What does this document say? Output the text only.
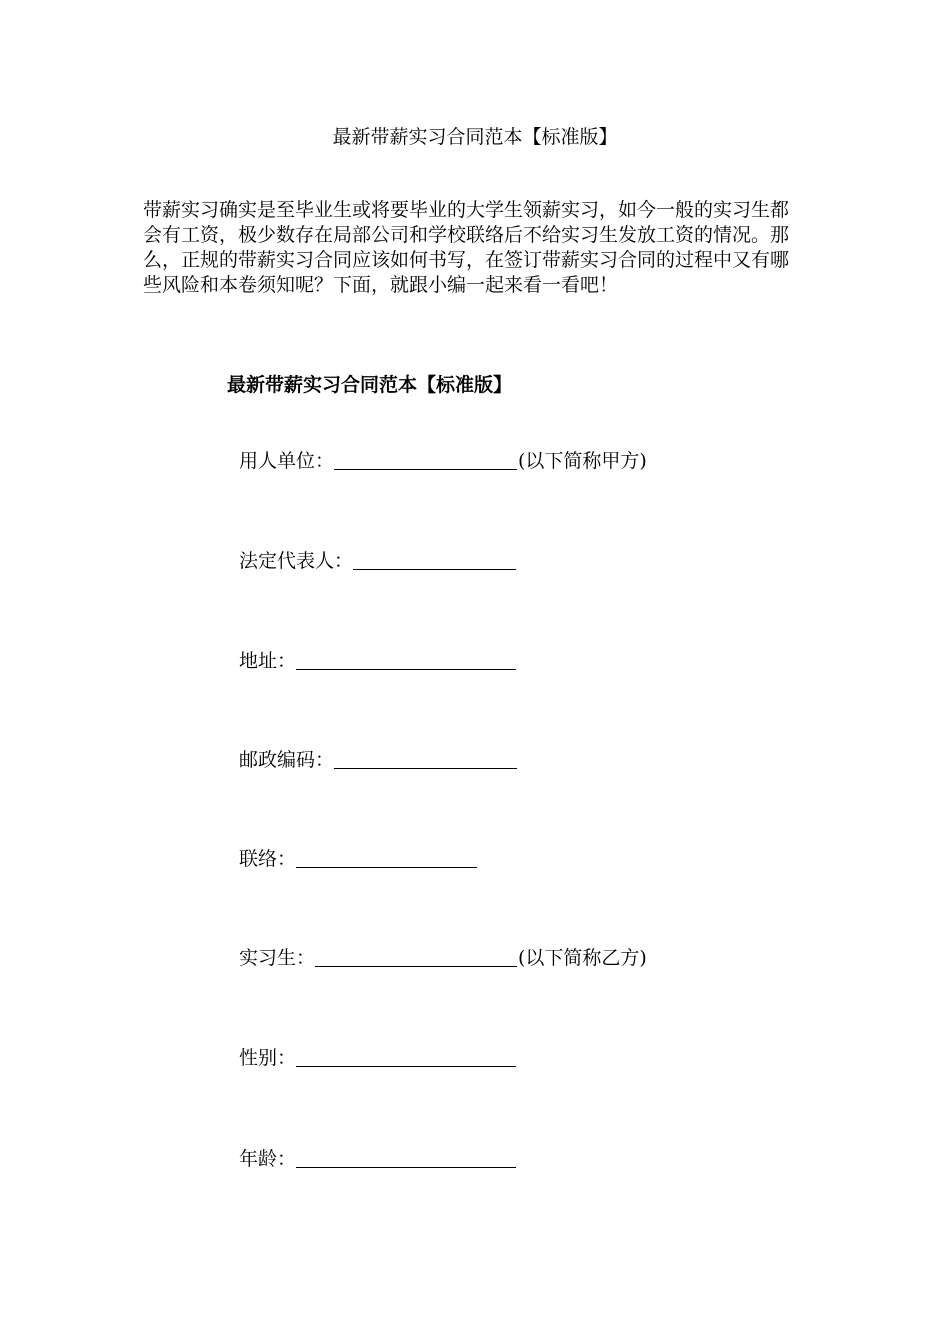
最新带薪实习合同范本【标准版】
带薪实习确实是至毕业生或将要毕业的大学生领薪实习，如今一般的实习生都
会有工资，极少数存在局部公司和学校联络后不给实习生发放工资的情况。那
么，正规的带薪实习合同应该如何书写，在签订带薪实习合同的过程中又有哪
些风险和本卷须知呢？下面，就跟小编一起来看一看吧！
最新带薪实习合同范本【标准版】
用人单位：	(以下简称甲方)
法定代表人：
地址：
邮政编码：
联络：
实习生：	(以下简称乙方)
性别：
年龄：
